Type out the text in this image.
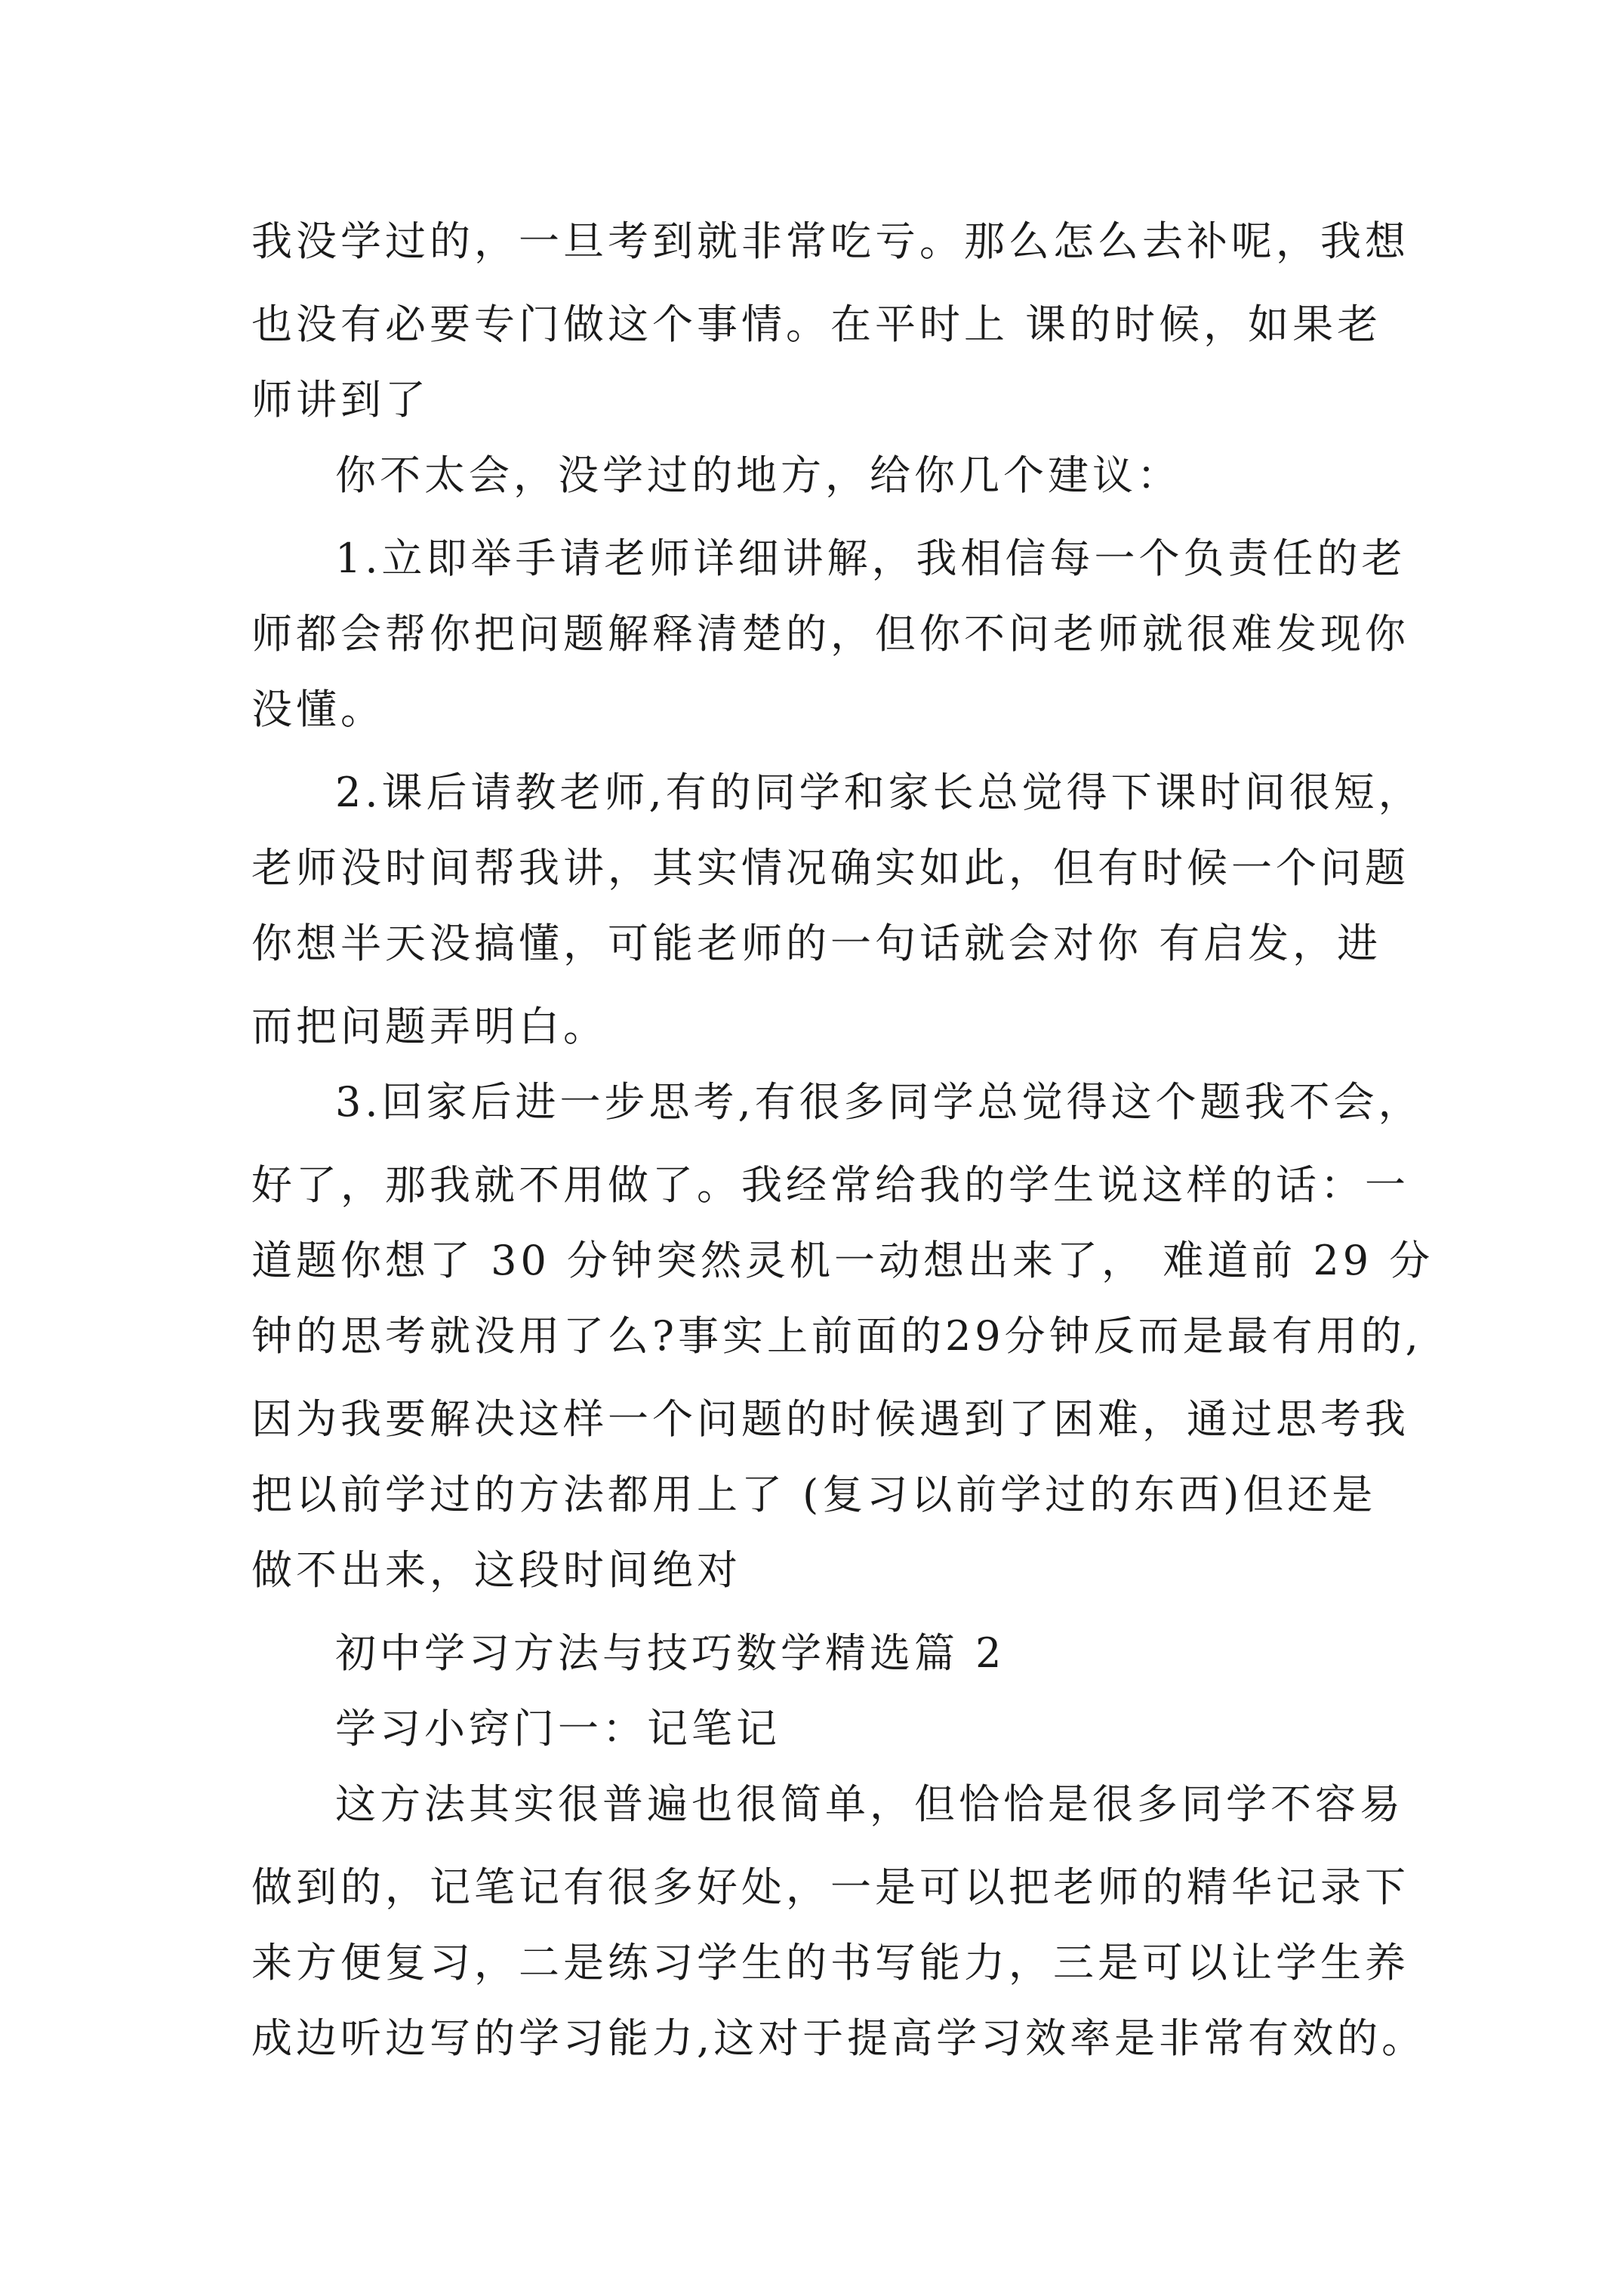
我没学过的，一旦考到就非常吃亏。那么怎么去补呢，我想

也没有必要专门做这个事情。在平时上 课的时候，如果老

师讲到了

你不太会，没学过的地方，给你几个建议：

1.立即举手请老师详细讲解，我相信每一个负责任的老

师都会帮你把问题解释清楚的，但你不问老师就很难发现你

没懂。

2.课后请教老师,有的同学和家长总觉得下课时间很短，

老师没时间帮我讲，其实情况确实如此，但有时候一个问题

你想半天没搞懂，可能老师的一句话就会对你 有启发，进

而把问题弄明白。

3.回家后进一步思考,有很多同学总觉得这个题我不会，

好了，那我就不用做了。我经常给我的学生说这样的话：一

道题你想了 30 分钟突然灵机一动想出来了， 难道前 29 分

钟的思考就没用了么?事实上前面的29分钟反而是最有用的,

因为我要解决这样一个问题的时候遇到了困难，通过思考我

把以前学过的方法都用上了 (复习以前学过的东西)但还是

做不出来，这段时间绝对

初中学习方法与技巧数学精选篇 2

学习小窍门一：记笔记

这方法其实很普遍也很简单，但恰恰是很多同学不容易

做到的，记笔记有很多好处，一是可以把老师的精华记录下

来方便复习，二是练习学生的书写能力，三是可以让学生养

成边听边写的学习能力,这对于提高学习效率是非常有效的。
